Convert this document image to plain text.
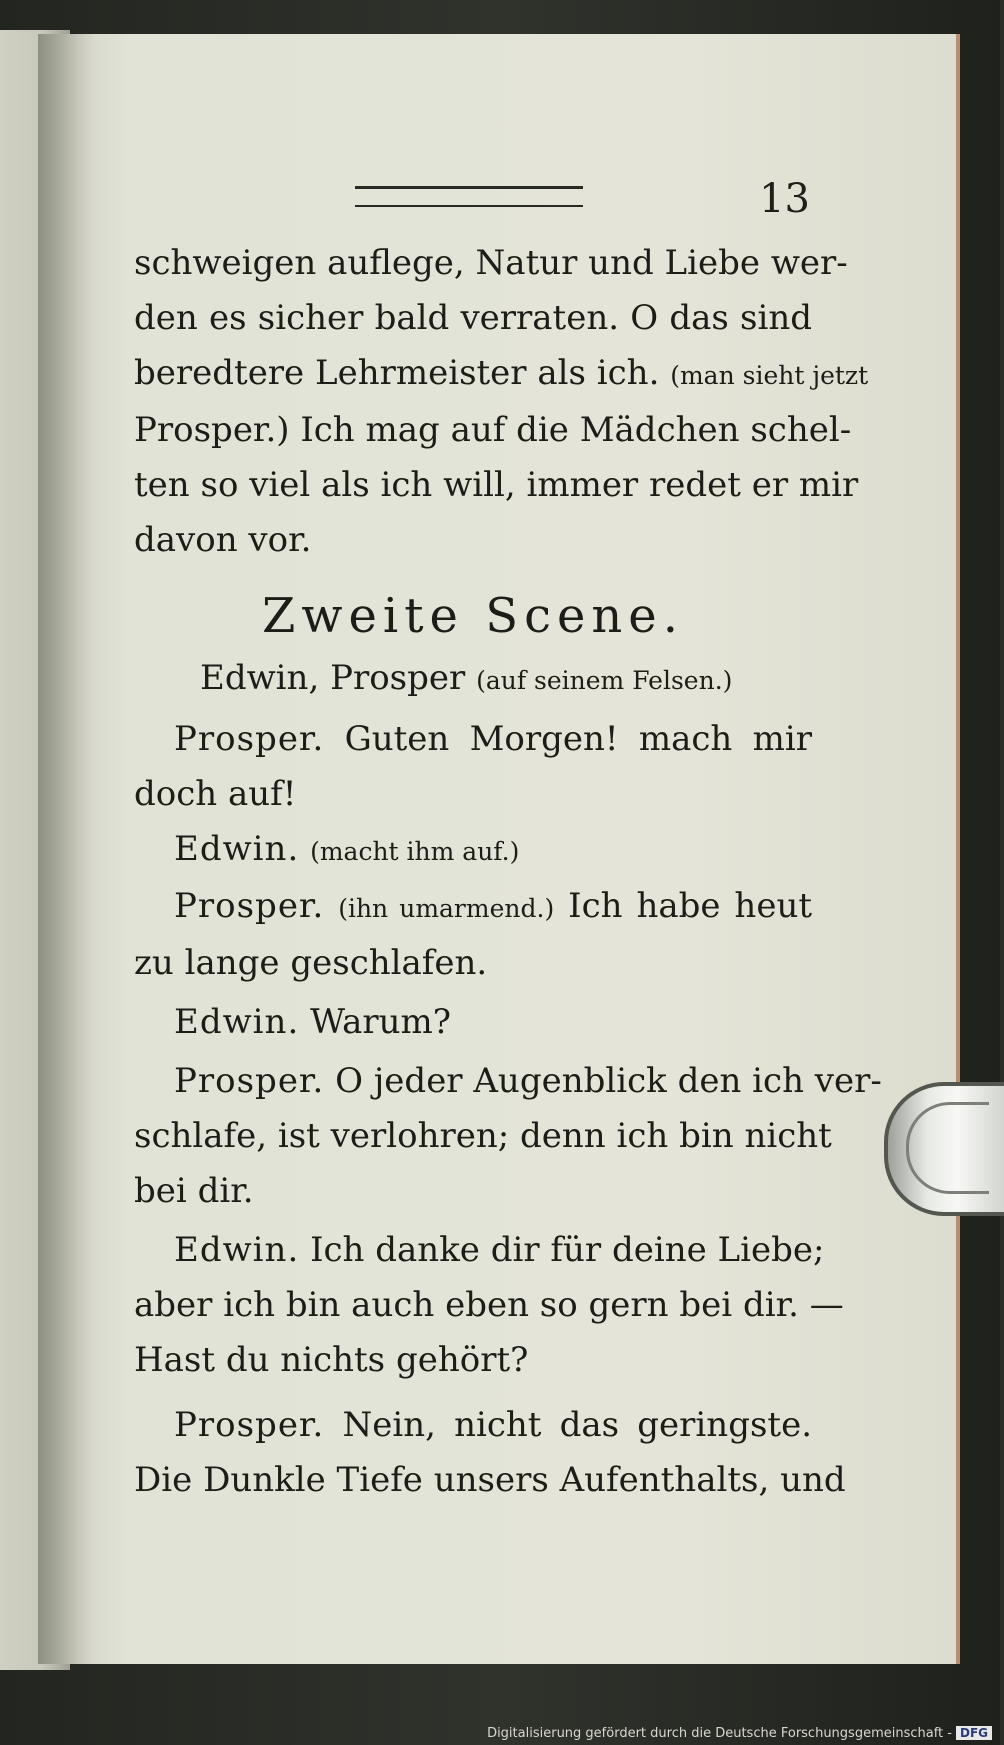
13
schweigen auflege, Natur und Liebe wer-
den es sicher bald verraten. O das sind
beredtere Lehrmeister als ich. (man sieht jetzt
Prosper.) Ich mag auf die Mädchen schel-
ten so viel als ich will, immer redet er mir
davon vor.
Zweite Scene.
Edwin, Prosper (auf seinem Felsen.)
Prosper. Guten Morgen! mach mir
doch auf!
Edwin. (macht ihm auf.)
Prosper. (ihn umarmend.) Ich habe heut
zu lange geschlafen.
Edwin. Warum?
Prosper. O jeder Augenblick den ich ver-
schlafe, ist verlohren; denn ich bin nicht
bei dir.
Edwin. Ich danke dir für deine Liebe;
aber ich bin auch eben so gern bei dir. —
Hast du nichts gehört?
Prosper. Nein, nicht das geringste.
Die Dunkle Tiefe unsers Aufenthalts, und
Digitalisierung gefördert durch die Deutsche Forschungsgemeinschaft - DFG
